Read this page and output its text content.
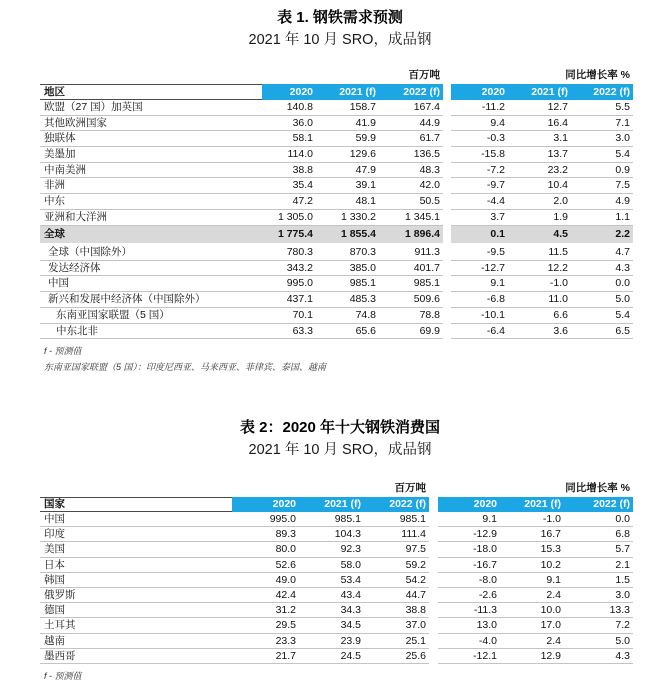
表 1. 钢铁需求预测
2021 年 10 月 SRO，成品钢
百万吨	同比增长率 %
地区	2020	2021 (f)	2022 (f)	2020	2021 (f)	2022 (f)
欧盟（27 国）加英国	140.8	158.7	167.4	-11.2	12.7	5.5
其他欧洲国家	36.0	41.9	44.9	9.4	16.4	7.1
独联体	58.1	59.9	61.7	-0.3	3.1	3.0
美墨加	114.0	129.6	136.5	-15.8	13.7	5.4
中南美洲	38.8	47.9	48.3	-7.2	23.2	0.9
非洲	35.4	39.1	42.0	-9.7	10.4	7.5
中东	47.2	48.1	50.5	-4.4	2.0	4.9
亚洲和大洋洲	1 305.0	1 330.2	1 345.1	3.7	1.9	1.1
全球	1 775.4	1 855.4	1 896.4	0.1	4.5	2.2
全球（中国除外）	780.3	870.3	911.3	-9.5	11.5	4.7
发达经济体	343.2	385.0	401.7	-12.7	12.2	4.3
中国	995.0	985.1	985.1	9.1	-1.0	0.0
新兴和发展中经济体（中国除外）	437.1	485.3	509.6	-6.8	11.0	5.0
东南亚国家联盟（5 国）	70.1	74.8	78.8	-10.1	6.6	5.4
中东北非	63.3	65.6	69.9	-6.4	3.6	6.5
f - 预测值
东南亚国家联盟（5 国）：印度尼西亚、马来西亚、菲律宾、泰国、越南
表 2：2020 年十大钢铁消费国
2021 年 10 月 SRO，成品钢
百万吨	同比增长率 %
国家	2020	2021 (f)	2022 (f)	2020	2021 (f)	2022 (f)
中国	995.0	985.1	985.1	9.1	-1.0	0.0
印度	89.3	104.3	111.4	-12.9	16.7	6.8
美国	80.0	92.3	97.5	-18.0	15.3	5.7
日本	52.6	58.0	59.2	-16.7	10.2	2.1
韩国	49.0	53.4	54.2	-8.0	9.1	1.5
俄罗斯	42.4	43.4	44.7	-2.6	2.4	3.0
德国	31.2	34.3	38.8	-11.3	10.0	13.3
土耳其	29.5	34.5	37.0	13.0	17.0	7.2
越南	23.3	23.9	25.1	-4.0	2.4	5.0
墨西哥	21.7	24.5	25.6	-12.1	12.9	4.3
f - 预测值
